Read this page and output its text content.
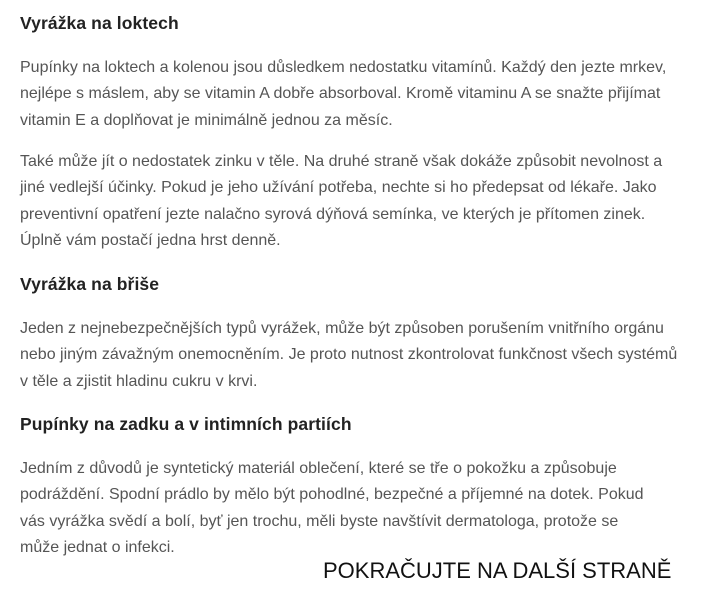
Vyrážka na loktech

Pupínky na loktech a kolenou jsou důsledkem nedostatku vitamínů. Každý den jezte mrkev, nejlépe s máslem, aby se vitamin A dobře absorboval. Kromě vitaminu A se snažte přijímat vitamin E a doplňovat je minimálně jednou za měsíc.

Také může jít o nedostatek zinku v těle. Na druhé straně však dokáže způsobit nevolnost a jiné vedlejší účinky. Pokud je jeho užívání potřeba, nechte si ho předepsat od lékaře. Jako preventivní opatření jezte nalačno syrová dýňová semínka, ve kterých je přítomen zinek. Úplně vám postačí jedna hrst denně.

Vyrážka na břiše

Jeden z nejnebezpečnějších typů vyrážek, může být způsoben porušením vnitřního orgánu nebo jiným závažným onemocněním. Je proto nutnost zkontrolovat funkčnost všech systémů v těle a zjistit hladinu cukru v krvi.

Pupínky na zadku a v intimních partiích

Jedním z důvodů je syntetický materiál oblečení, které se tře o pokožku a způsobuje podráždění. Spodní prádlo by mělo být pohodlné, bezpečné a příjemné na dotek. Pokud vás vyrážka svědí a bolí, byť jen trochu, měli byste navštívit dermatologa, protože se může jednat o infekci.

POKRAČUJTE NA DALŠÍ STRANĚ
